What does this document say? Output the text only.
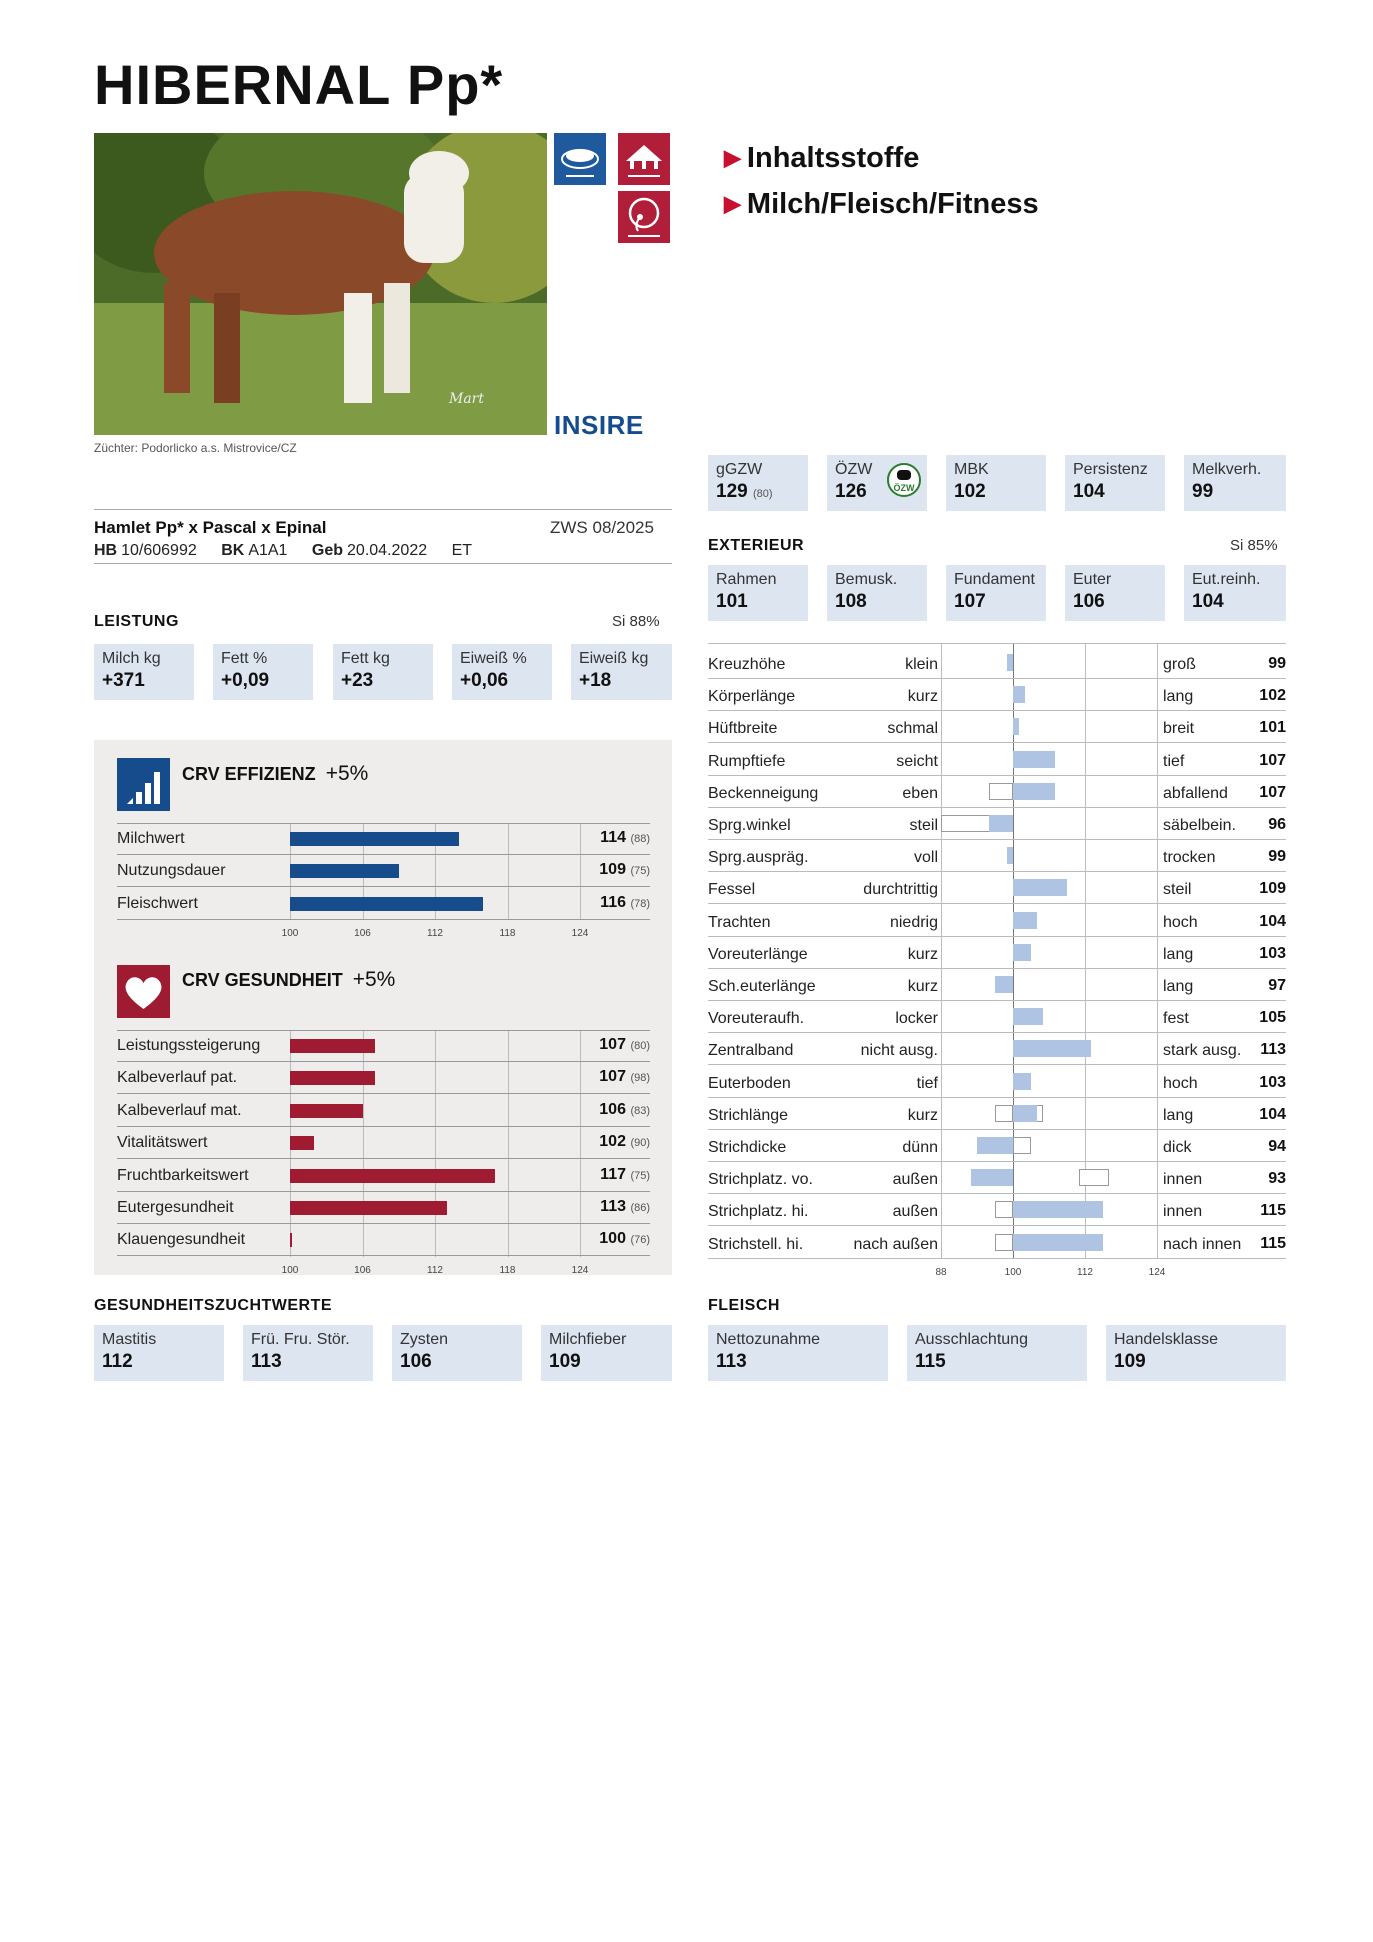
HIBERNAL Pp*
Mart
Züchter: Podorlicko a.s. Mistrovice/CZ
INSIRE
▶ Inhaltsstoffe
▶ Milch/Fleisch/Fitness
gGZW
129 (80)
ÖZW
126	ÖZW
MBK
102
Persistenz
104
Melkverh.
99
Hamlet Pp* x Pascal x Epinal	ZWS 08/2025
HB 10/606992 BK A1A1 Geb 20.04.2022 ET
LEISTUNG	Si 88%
Milch kg
+371
Fett %
+0,09
Fett kg
+23
Eiweiß %
+0,06
Eiweiß kg
+18
CRV EFFIZIENZ +5%
CRV GESUNDHEIT +5%
Milchwert	114 (88)
Nutzungsdauer	109 (75)
Fleischwert	116 (78)
100	106	112	118	124
Leistungssteigerung	107 (80)
Kalbeverlauf pat.	107 (98)
Kalbeverlauf mat.	106 (83)
Vitalitätswert	102 (90)
Fruchtbarkeitswert	117 (75)
Eutergesundheit	113 (86)
Klauengesundheit	100 (76)
100	106	112	118	124
EXTERIEUR	Si 85%
Rahmen
101
Bemusk.
108
Fundament
107
Euter
106
Eut.reinh.
104
Kreuzhöhe	klein	groß	99
Körperlänge	kurz	lang	102
Hüftbreite	schmal	breit	101
Rumpftiefe	seicht	tief	107
Beckenneigung	eben	abfallend 107
Sprg.winkel	steil	säbelbein. 96
Sprg.auspräg.	voll	trocken	99
Fessel	durchtrittig	steil	109
Trachten	niedrig	hoch	104
Voreuterlänge	kurz	lang	103
Sch.euterlänge	kurz	lang	97
Voreuteraufh.	locker	fest	105
Zentralband	nicht ausg.	stark ausg. 113
Euterboden	tief	hoch	103
Strichlänge	kurz	lang	104
Strichdicke	dünn	dick	94
Strichplatz. vo.	außen	innen	93
Strichplatz. hi.	außen	innen	115
Strichstell. hi.	nach außen	nach innen 115
88	100	112	124
GESUNDHEITSZUCHTWERTE
Mastitis
112
Frü. Fru. Stör.
113
Zysten
106
Milchfieber
109
FLEISCH
Nettozunahme
113
Ausschlachtung
115
Handelsklasse
109
